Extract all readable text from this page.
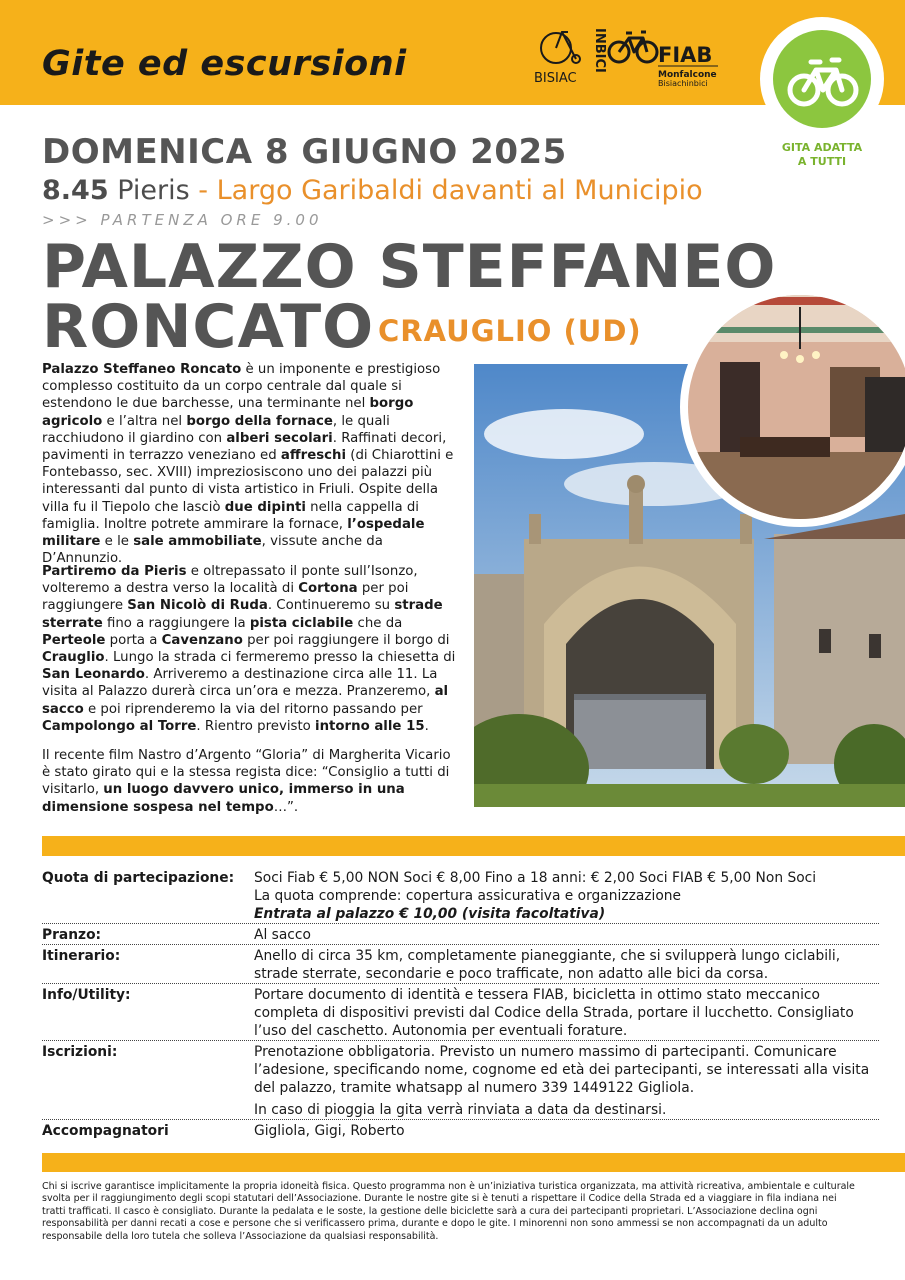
Gite ed escursioni	INBICI
BISIAC
FIAB
Monfalcone
Bisiachinbici
GITA ADATTA
A TUTTI
DOMENICA 8 GIUGNO 2025
8.45 Pieris - Largo Garibaldi davanti al Municipio
>>> PARTENZA ORE 9.00
PALAZZO STEFFANEO
RONCATO CRAUGLIO (UD)

Palazzo Steffaneo Roncato è un imponente e prestigioso complesso costituito da un corpo centrale dal quale si estendono le due barchesse, una terminante nel borgo agricolo e l’altra nel borgo della fornace, le quali racchiudono il giardino con alberi secolari. Raffinati decori, pavimenti in terrazzo veneziano ed affreschi (di Chiarottini e Fontebasso, sec. XVIII) impreziosiscono uno dei palazzi più interessanti dal punto di vista artistico in Friuli. Ospite della villa fu il Tiepolo che lasciò due dipinti nella cappella di famiglia. Inoltre potrete ammirare la fornace, l’ospedale militare e le sale ammobiliate, vissute anche da D’Annunzio.

Partiremo da Pieris e oltrepassato il ponte sull’Isonzo, volteremo a destra verso la località di Cortona per poi raggiungere San Nicolò di Ruda. Continueremo su strade sterrate fino a raggiungere la pista ciclabile che da Perteole porta a Cavenzano per poi raggiungere il borgo di Crauglio. Lungo la strada ci fermeremo presso la chiesetta di San Leonardo. Arriveremo a destinazione circa alle 11. La visita al Palazzo durerà circa un’ora e mezza. Pranzeremo, al sacco e poi riprenderemo la via del ritorno passando per Campolongo al Torre. Rientro previsto intorno alle 15.

Il recente film Nastro d’Argento “Gloria” di Margherita Vicario è stato girato qui e la stessa regista dice: “Consiglio a tutti di visitarlo, un luogo davvero unico, immerso in una dimensione sospesa nel tempo…”.

Quota di partecipazione:	Soci Fiab € 5,00 NON Soci € 8,00 Fino a 18 anni: € 2,00 Soci FIAB € 5,00 Non Soci
La quota comprende: copertura assicurativa e organizzazione
Entrata al palazzo € 10,00 (visita facoltativa)
Pranzo:	Al sacco
Itinerario:	Anello di circa 35 km, completamente pianeggiante, che si svilupperà lungo ciclabili, strade sterrate, secondarie e poco trafficate, non adatto alle bici da corsa.
Info/Utility:	Portare documento di identità e tessera FIAB, bicicletta in ottimo stato meccanico completa di dispositivi previsti dal Codice della Strada, portare il lucchetto. Consigliato l’uso del caschetto. Autonomia per eventuali forature.
Iscrizioni:	Prenotazione obbligatoria. Previsto un numero massimo di partecipanti. Comunicare l’adesione, specificando nome, cognome ed età dei partecipanti, se interessati alla visita del palazzo, tramite whatsapp al numero 339 1449122 Gigliola.
In caso di pioggia la gita verrà rinviata a data da destinarsi.
Accompagnatori	Gigliola, Gigi, Roberto
Chi si iscrive garantisce implicitamente la propria idoneità fisica. Questo programma non è un’iniziativa turistica organizzata, ma attività ricreativa, ambientale e culturale svolta per il raggiungimento degli scopi statutari dell’Associazione. Durante le nostre gite si è tenuti a rispettare il Codice della Strada ed a viaggiare in fila indiana nei tratti trafficati. Il casco è consigliato. Durante la pedalata e le soste, la gestione delle biciclette sarà a cura dei partecipanti proprietari. L’Associazione declina ogni responsabilità per danni recati a cose e persone che si verificassero prima, durante e dopo le gite. I minorenni non sono ammessi se non accompagnati da un adulto responsabile della loro tutela che solleva l’Associazione da qualsiasi responsabilità.
